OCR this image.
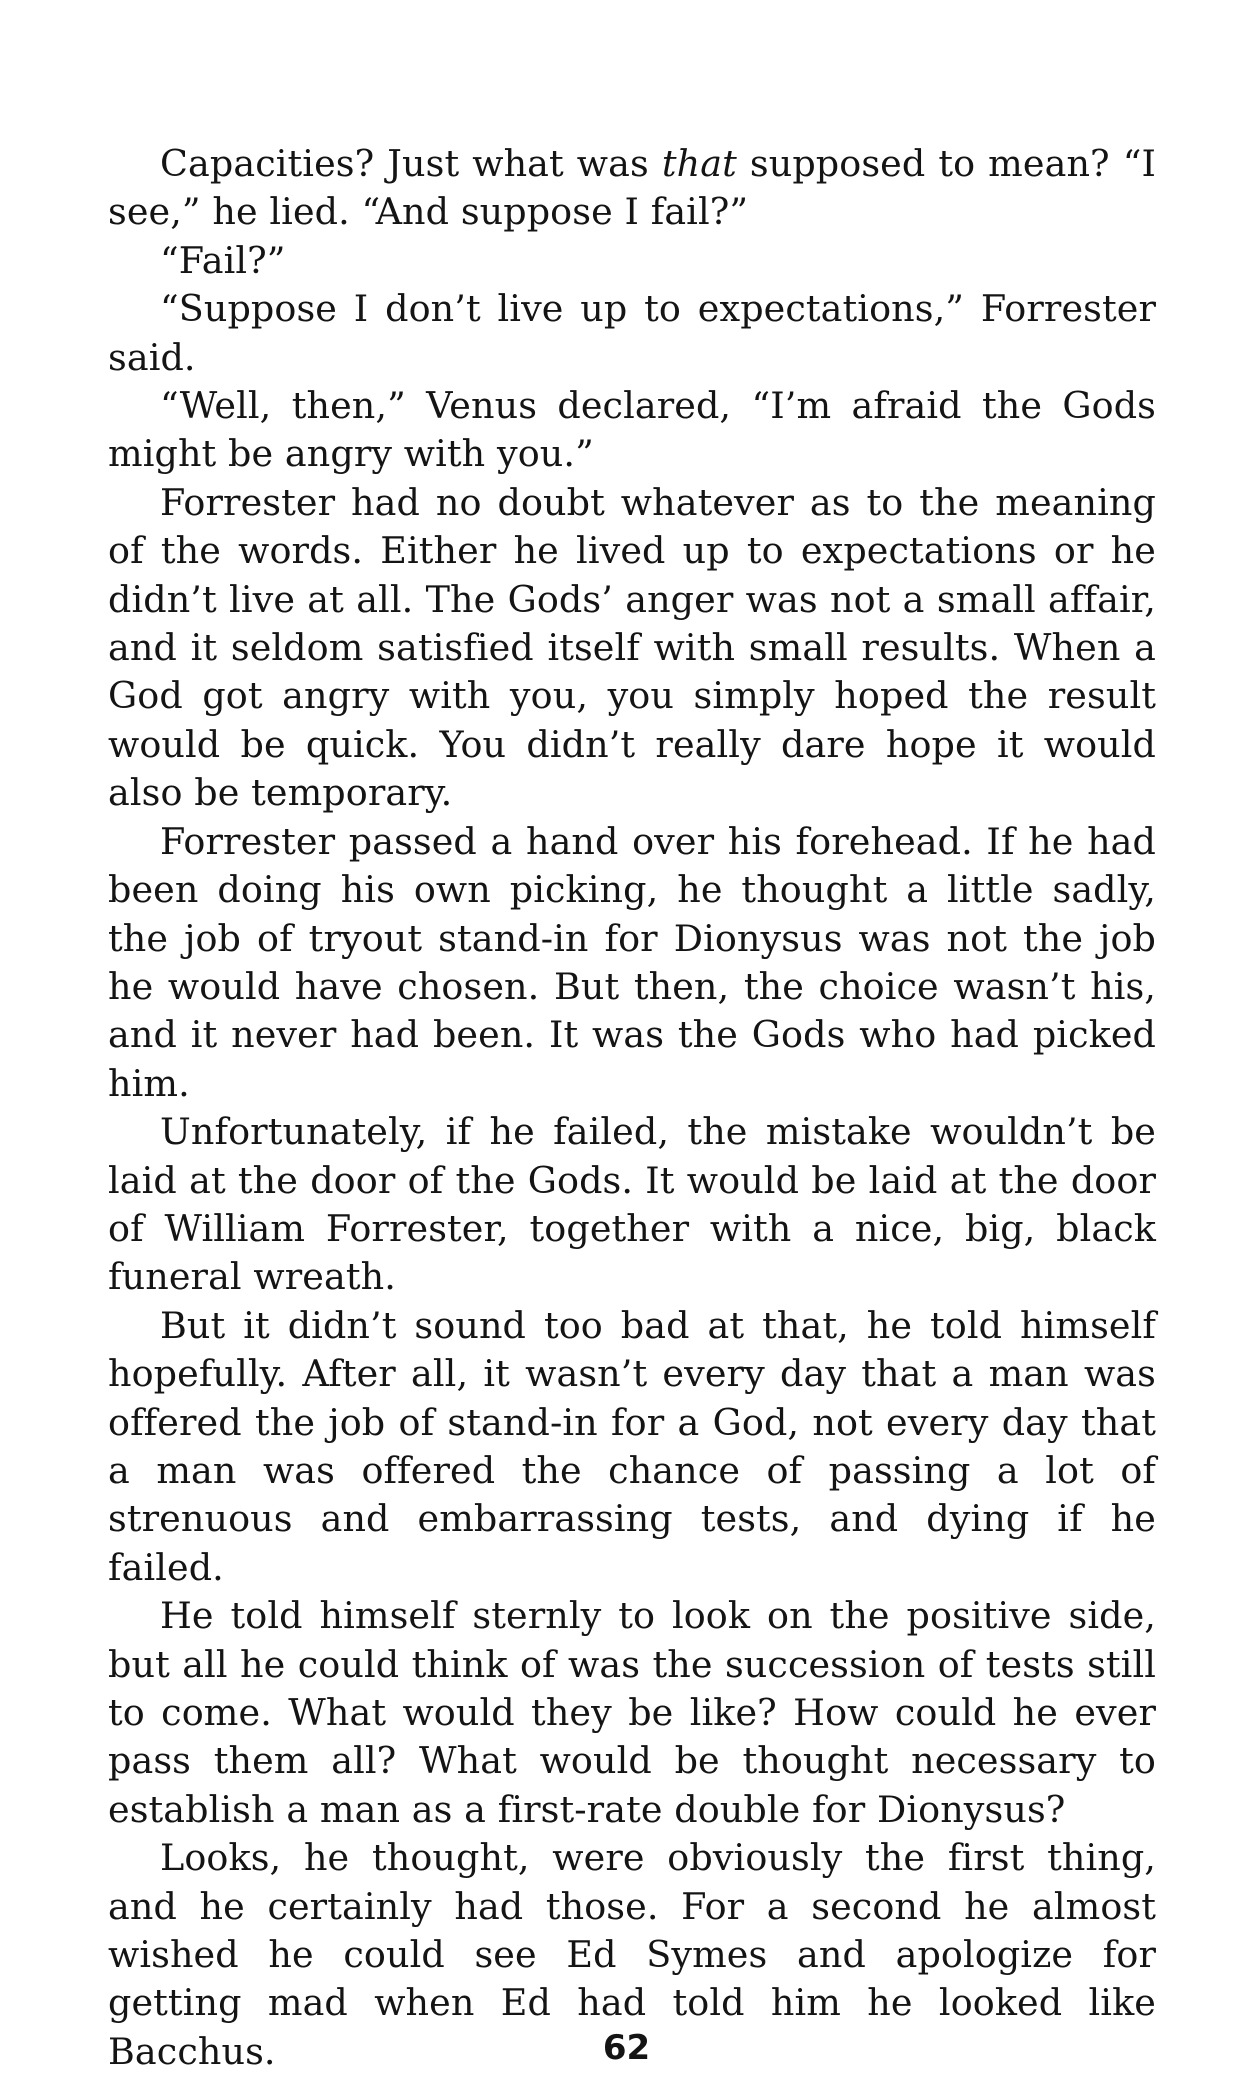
Capacities? Just what was that supposed to mean? “I see,” he lied. “And suppose I fail?”

“Fail?”

“Suppose I don’t live up to expectations,” Forrester said.

“Well, then,” Venus declared, “I’m afraid the Gods might be angry with you.”

Forrester had no doubt whatever as to the meaning of the words. Either he lived up to expectations or he didn’t live at all. The Gods’ anger was not a small affair, and it seldom satisfied itself with small results. When a God got angry with you, you simply hoped the result would be quick. You didn’t really dare hope it would also be temporary.

Forrester passed a hand over his forehead. If he had been doing his own picking, he thought a little sadly, the job of tryout stand-in for Dionysus was not the job he would have chosen. But then, the choice wasn’t his, and it never had been. It was the Gods who had picked him.

Unfortunately, if he failed, the mistake wouldn’t be laid at the door of the Gods. It would be laid at the door of William Forrester, together with a nice, big, black funeral wreath.

But it didn’t sound too bad at that, he told himself hopefully. After all, it wasn’t every day that a man was offered the job of stand-in for a God, not every day that a man was offered the chance of passing a lot of strenuous and embarrassing tests, and dying if he failed.

He told himself sternly to look on the positive side, but all he could think of was the succession of tests still to come. What would they be like? How could he ever pass them all? What would be thought necessary to establish a man as a first-rate double for Dionysus?

Looks, he thought, were obviously the first thing, and he certainly had those. For a second he almost wished he could see Ed Symes and apologize for getting mad when Ed had told him he looked like Bacchus.	62
